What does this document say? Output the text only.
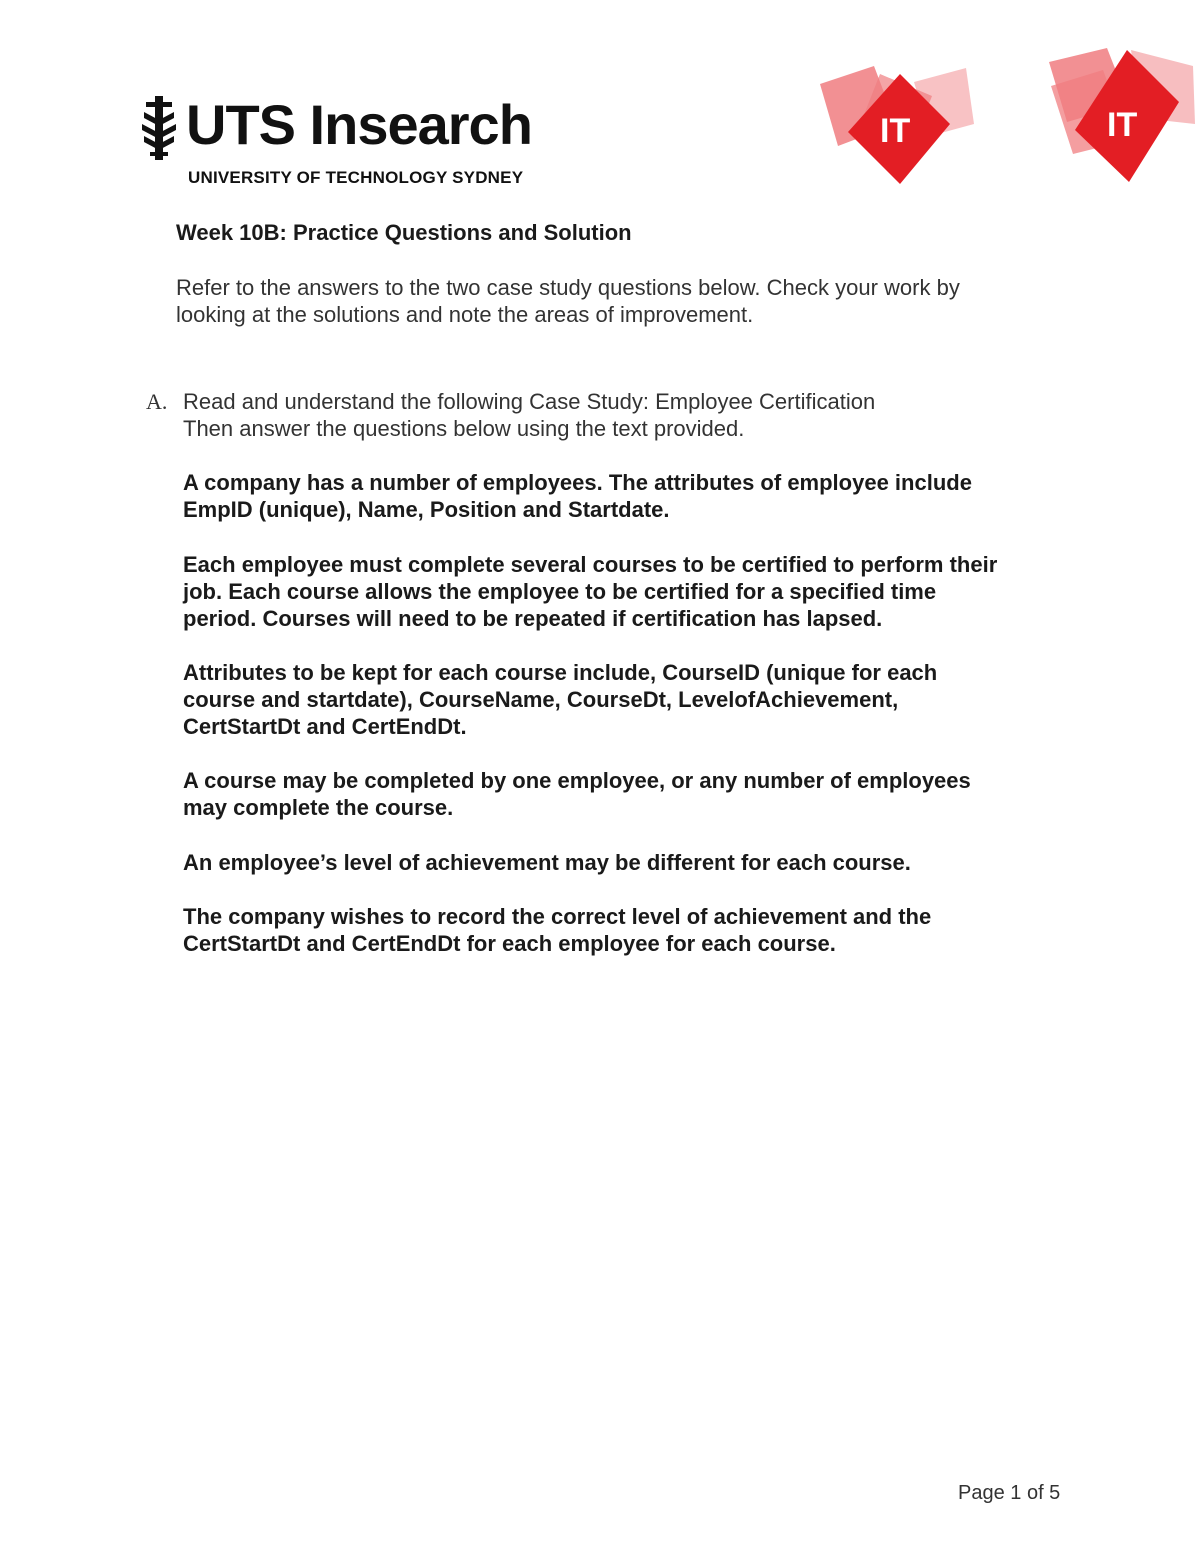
UTS Insearch
UNIVERSITY OF TECHNOLOGY SYDNEY
IT	IT
Week 10B: Practice Questions and Solution
Refer to the answers to the two case study questions below. Check your work by
looking at the solutions and note the areas of improvement.
A. Read and understand the following Case Study: Employee Certification
Then answer the questions below using the text provided.
A company has a number of employees. The attributes of employee include
EmpID (unique), Name, Position and Startdate.
Each employee must complete several courses to be certified to perform their
job. Each course allows the employee to be certified for a specified time
period. Courses will need to be repeated if certification has lapsed.
Attributes to be kept for each course include, CourseID (unique for each
course and startdate), CourseName, CourseDt, LevelofAchievement,
CertStartDt and CertEndDt.
A course may be completed by one employee, or any number of employees
may complete the course.
An employee’s level of achievement may be different for each course.
The company wishes to record the correct level of achievement and the
CertStartDt and CertEndDt for each employee for each course.
Page 1 of 5
